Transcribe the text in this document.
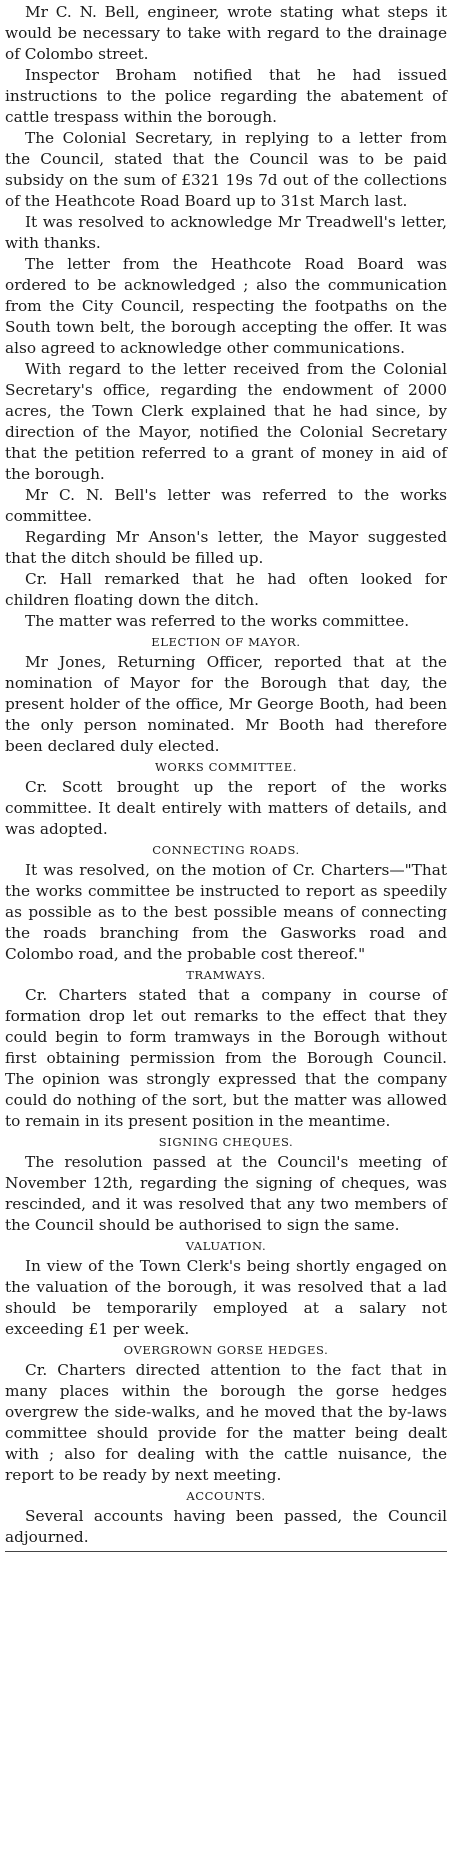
Mr C. N. Bell, engineer, wrote stating what steps it would be necessary to take with regard to the drainage of Colombo street.

Inspector Broham notified that he had issued instructions to the police regarding the abatement of cattle trespass within the borough.

The Colonial Secretary, in replying to a letter from the Council, stated that the Council was to be paid subsidy on the sum of £321 19s 7d out of the collections of the Heathcote Road Board up to 31st March last.

It was resolved to acknowledge Mr Treadwell's letter, with thanks.

The letter from the Heathcote Road Board was ordered to be acknowledged ; also the communication from the City Council, respecting the footpaths on the South town belt, the borough accepting the offer. It was also agreed to acknowledge other communications.

With regard to the letter received from the Colonial Secretary's office, regarding the endowment of 2000 acres, the Town Clerk explained that he had since, by direction of the Mayor, notified the Colonial Secretary that the petition referred to a grant of money in aid of the borough.

Mr C. N. Bell's letter was referred to the works committee.

Regarding Mr Anson's letter, the Mayor suggested that the ditch should be filled up.

Cr. Hall remarked that he had often looked for children floating down the ditch.

The matter was referred to the works committee.

ELECTION OF MAYOR.

Mr Jones, Returning Officer, reported that at the nomination of Mayor for the Borough that day, the present holder of the office, Mr George Booth, had been the only person nominated. Mr Booth had therefore been declared duly elected.

WORKS COMMITTEE.

Cr. Scott brought up the report of the works committee. It dealt entirely with matters of details, and was adopted.

CONNECTING ROADS.

It was resolved, on the motion of Cr. Charters—"That the works committee be instructed to report as speedily as possible as to the best possible means of connecting the roads branching from the Gasworks road and Colombo road, and the probable cost thereof."

TRAMWAYS.

Cr. Charters stated that a company in course of formation drop let out remarks to the effect that they could begin to form tramways in the Borough without first obtaining permission from the Borough Council. The opinion was strongly expressed that the company could do nothing of the sort, but the matter was allowed to remain in its present position in the meantime.

SIGNING CHEQUES.

The resolution passed at the Council's meeting of November 12th, regarding the signing of cheques, was rescinded, and it was resolved that any two members of the Council should be authorised to sign the same.

VALUATION.

In view of the Town Clerk's being shortly engaged on the valuation of the borough, it was resolved that a lad should be temporarily employed at a salary not exceeding £1 per week.

OVERGROWN GORSE HEDGES.

Cr. Charters directed attention to the fact that in many places within the borough the gorse hedges overgrew the side-walks, and he moved that the by-laws committee should provide for the matter being dealt with ; also for dealing with the cattle nuisance, the report to be ready by next meeting.

ACCOUNTS.

Several accounts having been passed, the Council adjourned.
